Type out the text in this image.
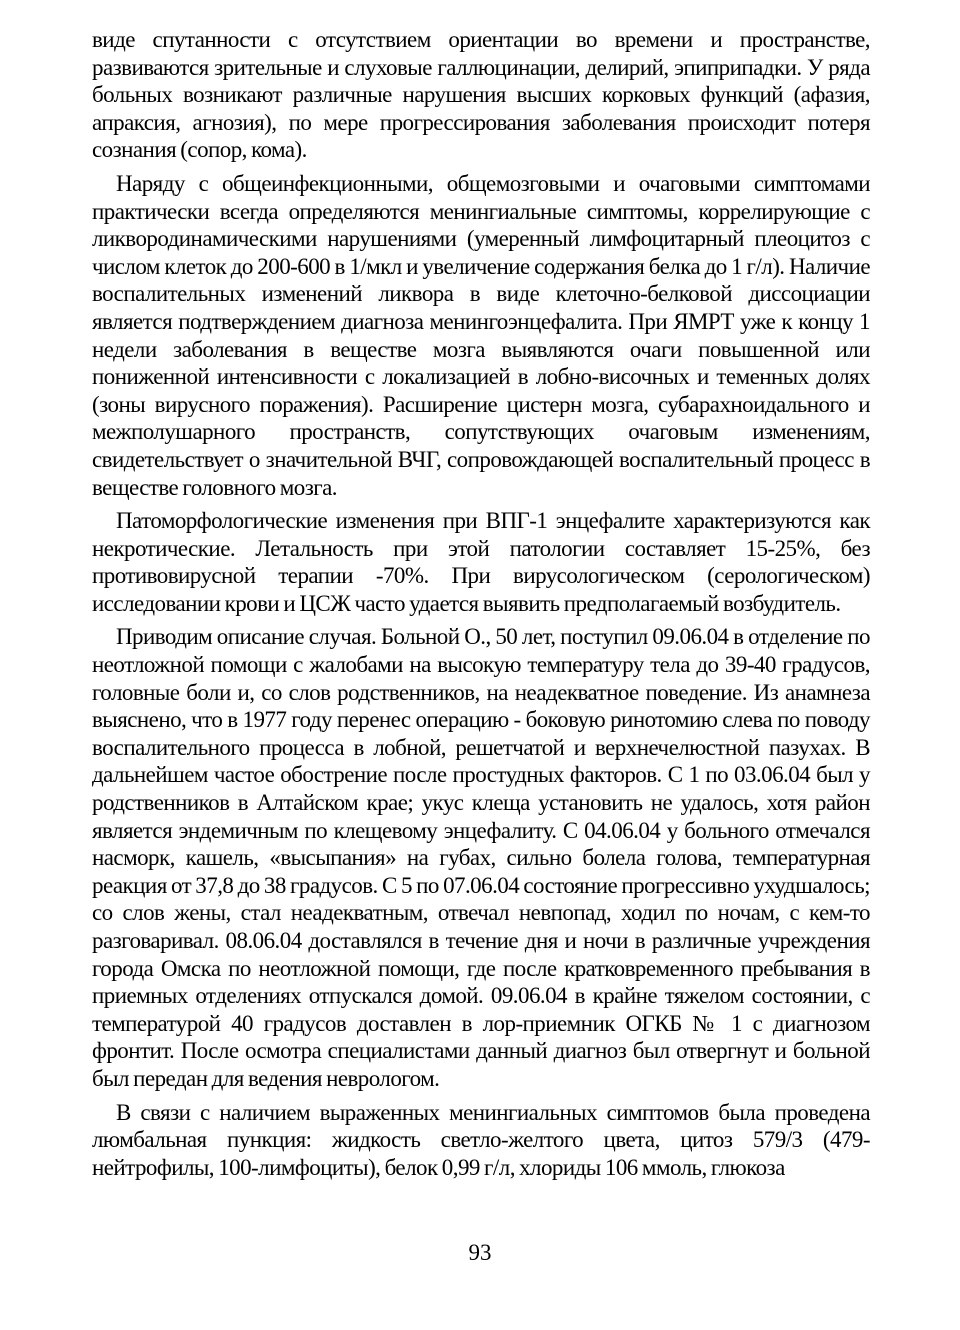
виде спутанности с отсутствием ориентации во времени и пространстве, развиваются зрительные и слуховые галлюцинации, делирий, эпиприпадки. У ряда больных возникают различные нарушения высших корковых функций (афазия, апраксия, агнозия), по мере прогрессирования заболевания происходит потеря сознания (сопор, кома).

Наряду с общеинфекционными, общемозговыми и очаговыми симптомами практически всегда определяются менингиальные симптомы, коррелирующие с ликвородинамическими нарушениями (умеренный лимфоцитарный плеоцитоз с числом клеток до 200-600 в 1/мкл и увеличение содержания белка до 1 г/л). Наличие воспалительных изменений ликвора в виде клеточно-белковой диссоциации является подтверждением диагноза менингоэнцефалита. При ЯМРТ уже к концу 1 недели заболевания в веществе мозга выявляются очаги повышенной или пониженной интенсивности с локализацией в лобно-височных и теменных долях (зоны вирусного поражения). Расширение цистерн мозга, субарахноидального и межполушарного пространств, сопутствующих очаговым изменениям, свидетельствует о значительной ВЧГ, сопровождающей воспалительный процесс в веществе головного мозга.

Патоморфологические изменения при ВПГ-1 энцефалите характеризуются как некротические. Летальность при этой патологии составляет 15-25%, без противовирусной терапии -70%. При вирусологическом (серологическом) исследовании крови и ЦСЖ часто удается выявить предполагаемый возбудитель.

Приводим описание случая. Больной О., 50 лет, поступил 09.06.04 в отделение по неотложной помощи с жалобами на высокую температуру тела до 39-40 градусов, головные боли и, со слов родственников, на неадекватное поведение. Из анамнеза выяснено, что в 1977 году перенес операцию - боковую ринотомию слева по поводу воспалительного процесса в лобной, решетчатой и верхнечелюстной пазухах. В дальнейшем частое обострение после простудных факторов. С 1 по 03.06.04 был у родственников в Алтайском крае; укус клеща установить не удалось, хотя район является эндемичным по клещевому энцефалиту. С 04.06.04 у больного отмечался насморк, кашель, «высыпания» на губах, сильно болела голова, температурная реакция от 37,8 до 38 градусов. С 5 по 07.06.04 состояние прогрессивно ухудшалось; со слов жены, стал неадекватным, отвечал невпопад, ходил по ночам, с кем-то разговаривал. 08.06.04 доставлялся в течение дня и ночи в различные учреждения города Омска по неотложной помощи, где после кратковременного пребывания в приемных отделениях отпускался домой. 09.06.04 в крайне тяжелом состоянии, с температурой 40 градусов доставлен в лор-приемник ОГКБ № 1 с диагнозом фронтит. После осмотра специалистами данный диагноз был отвергнут и больной был передан для ведения неврологом.

В связи с наличием выраженных менингиальных симптомов была проведена люмбальная пункция: жидкость светло-желтого цвета, цитоз 579/3 (479-нейтрофилы, 100-лимфоциты), белок 0,99 г/л, хлориды 106 ммоль, глюкоза

93
